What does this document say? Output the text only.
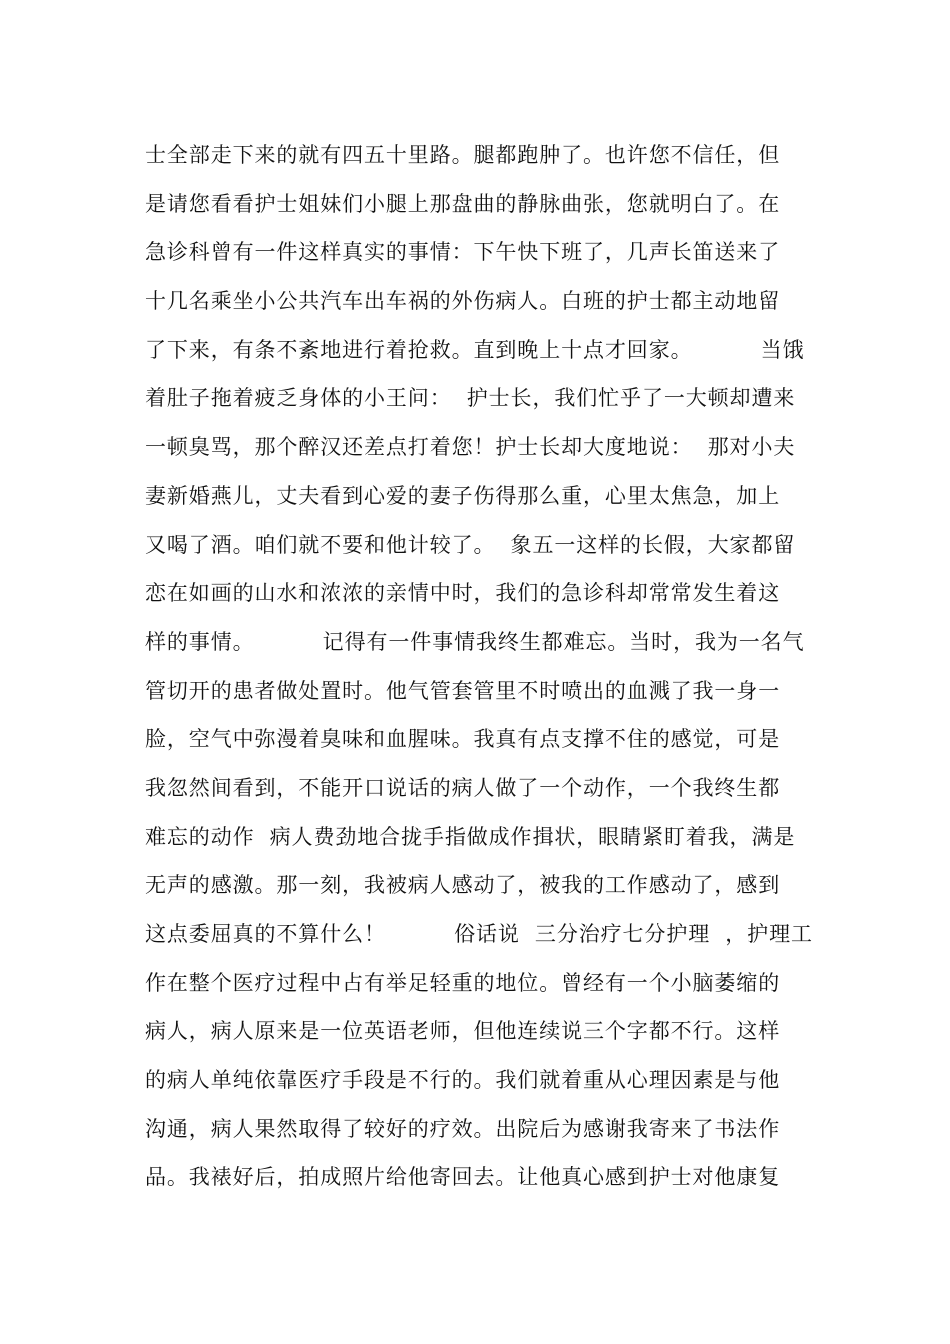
士全部走下来的就有四五十里路。腿都跑肿了。也许您不信任，但
是请您看看护士姐妹们小腿上那盘曲的静脉曲张，您就明白了。在
急诊科曾有一件这样真实的事情：下午快下班了，几声长笛送来了
十几名乘坐小公共汽车出车祸的外伤病人。白班的护士都主动地留
了下来，有条不紊地进行着抢救。直到晚上十点才回家。         当饿
着肚子拖着疲乏身体的小王问：  护士长，我们忙乎了一大顿却遭来
一顿臭骂，那个醉汉还差点打着您！护士长却大度地说：  那对小夫
妻新婚燕儿，丈夫看到心爱的妻子伤得那么重，心里太焦急，加上
又喝了酒。咱们就不要和他计较了。  象五一这样的长假，大家都留
恋在如画的山水和浓浓的亲情中时，我们的急诊科却常常发生着这
样的事情。         记得有一件事情我终生都难忘。当时，我为一名气
管切开的患者做处置时。他气管套管里不时喷出的血溅了我一身一
脸，空气中弥漫着臭味和血腥味。我真有点支撑不住的感觉，可是
我忽然间看到，不能开口说话的病人做了一个动作，一个我终生都
难忘的动作  病人费劲地合拢手指做成作揖状，眼睛紧盯着我，满是
无声的感激。那一刻，我被病人感动了，被我的工作感动了，感到
这点委屈真的不算什么！         俗话说  三分治疗七分护理  ，护理工
作在整个医疗过程中占有举足轻重的地位。曾经有一个小脑萎缩的
病人，病人原来是一位英语老师，但他连续说三个字都不行。这样
的病人单纯依靠医疗手段是不行的。我们就着重从心理因素是与他
沟通，病人果然取得了较好的疗效。出院后为感谢我寄来了书法作
品。我裱好后，拍成照片给他寄回去。让他真心感到护士对他康复
